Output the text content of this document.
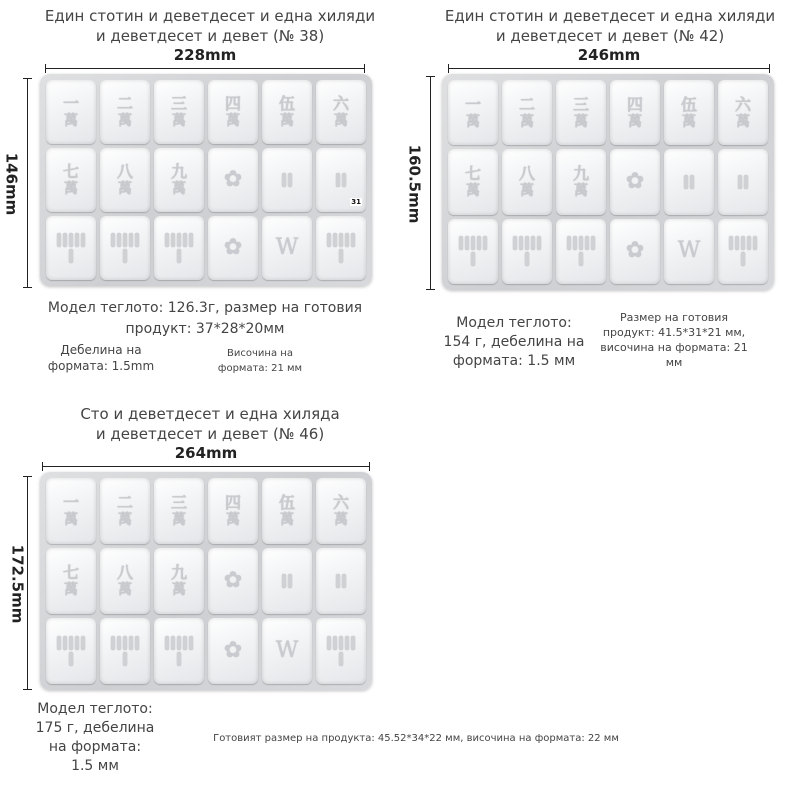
Един стотин и деветдесет и една хиляди
и деветдесет и девет (№ 38)
228mm
146mm
一
萬
二
萬
三
萬
四
萬
伍
萬
六
萬
七
萬
八
萬
九
萬 ✿
31
✿ W
Модел теглото: 126.3г, размер на готовия
продукт: 37*28*20мм
Дебелина на
формата: 1.5mm
Височина на
формата: 21 мм
Един стотин и деветдесет и една хиляди
и деветдесет и девет (№ 42)
246mm
160.5mm
一
萬
二
萬
三
萬
四
萬
伍
萬
六
萬
七
萬
八
萬
九
萬 ✿
✿ W
Модел теглото:
154 г, дебелина на
формата: 1.5 мм
Размер на готовия
продукт: 41.5*31*21 мм,
височина на формата: 21
мм
Сто и деветдесет и една хиляда
и деветдесет и девет (№ 46)
264mm
172.5mm
一
萬
二
萬
三
萬
四
萬
伍
萬
六
萬
七
萬
八
萬
九
萬 ✿
✿ W
Модел теглото:
175 г, дебелина
на формата:
1.5 мм
Готовият размер на продукта: 45.52*34*22 мм, височина на формата: 22 мм
